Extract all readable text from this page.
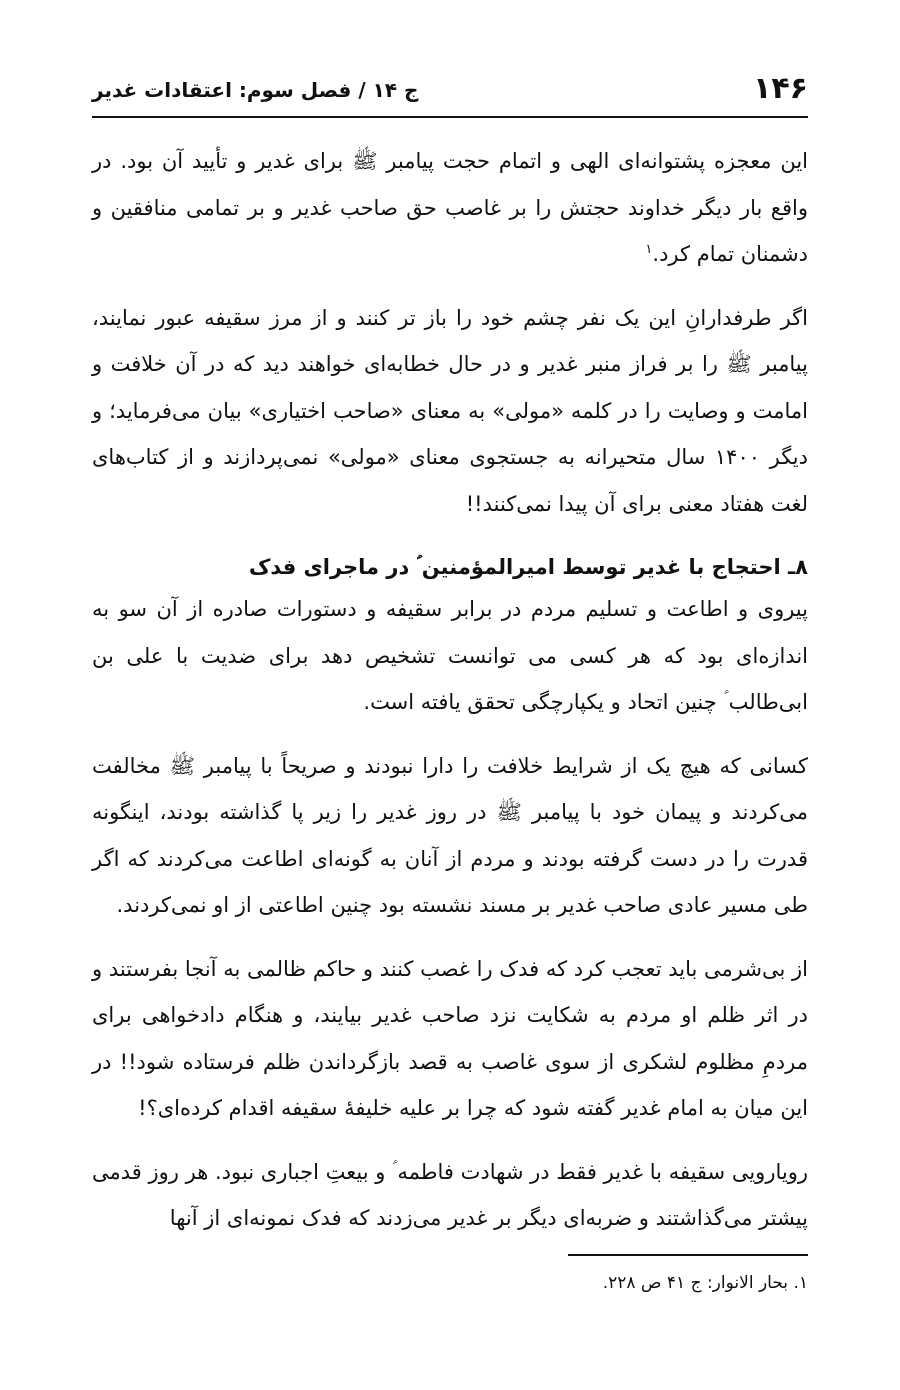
۱۴۶
ج ۱۴ / فصل سوم: اعتقادات غدیر

این معجزه پشتوانه‌ای الهی و اتمام حجت پیامبر ﷺ برای غدیر و تأیید آن بود. در واقع بار دیگر خداوند حجتش را بر غاصب حق صاحب غدیر و بر تمامی منافقین و دشمنان تمام کرد.$^۱$

اگر طرفدارانِ این یک نفر چشم خود را باز تر کنند و از مرز سقیفه عبور نمایند، پیامبر ﷺ را بر فراز منبر غدیر و در حال خطابه‌ای خواهند دید که در آن خلافت و امامت و وصایت را در کلمه «مولی» به معنای «صاحب اختیاری» بیان می‌فرماید؛ و دیگر ۱۴۰۰ سال متحیرانه به جستجوی معنای «مولی» نمی‌پردازند و از کتاب‌های لغت هفتاد معنی برای آن پیدا نمی‌کنند!!

۸ـ احتجاج با غدیر توسط امیرالمؤمنین ؑ در ماجرای فدک

پیروی و اطاعت و تسلیم مردم در برابر سقیفه و دستورات صادره از آن سو به اندازه‌ای بود که هر کسی می توانست تشخیص دهد برای ضدیت با علی بن ابی‌طالب ؑ چنین اتحاد و یکپارچگی تحقق یافته است.

کسانی که هیچ یک از شرایط خلافت را دارا نبودند و صریحاً با پیامبر ﷺ مخالفت می‌کردند و پیمان خود با پیامبر ﷺ در روز غدیر را زیر پا گذاشته بودند، اینگونه قدرت را در دست گرفته بودند و مردم از آنان به گونه‌ای اطاعت می‌کردند که اگر طی مسیر عادی صاحب غدیر بر مسند نشسته بود چنین اطاعتی از او نمی‌کردند.

از بی‌شرمی باید تعجب کرد که فدک را غصب کنند و حاکم ظالمی به آنجا بفرستند و در اثر ظلم او مردم به شکایت نزد صاحب غدیر بیایند، و هنگام دادخواهی برای مردمِ مظلوم لشکری از سوی غاصب به قصد بازگرداندن ظلم فرستاده شود!! در این میان به امام غدیر گفته شود که چرا بر علیه خلیفهٔ سقیفه اقدام کرده‌ای؟!

رویارویی سقیفه با غدیر فقط در شهادت فاطمه ؑ و بیعتِ اجباری نبود. هر روز قدمی پیشتر می‌گذاشتند و ضربه‌ای دیگر بر غدیر می‌زدند که فدک نمونه‌ای از آنها

۱. بحار الانوار: ج ۴۱ ص ۲۲۸.
